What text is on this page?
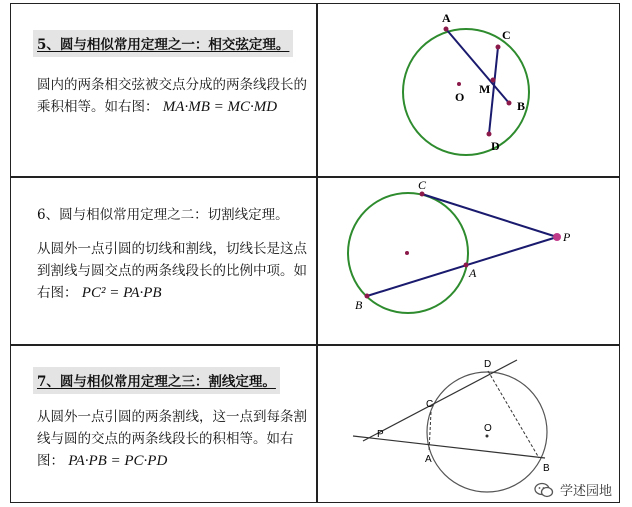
5、圆与相似常用定理之一：相交弦定理。
圆内的两条相交弦被交点分成的两条线段长的乘积相等。如右图： MA·MB = MC·MD
6、圆与相似常用定理之二：切割线定理。
从圆外一点引圆的切线和割线，切线长是这点到割线与圆交点的两条线段长的比例中项。如右图： PC² = PA·PB
7、圆与相似常用定理之三：割线定理。
从圆外一点引圆的两条割线，这一点到每条割线与圆的交点的两条线段长的积相等。如右图： PA·PB = PC·PD
A
B
C
D
M
O
C
P
A
B
P
C
D
O
A
B
学述园地
